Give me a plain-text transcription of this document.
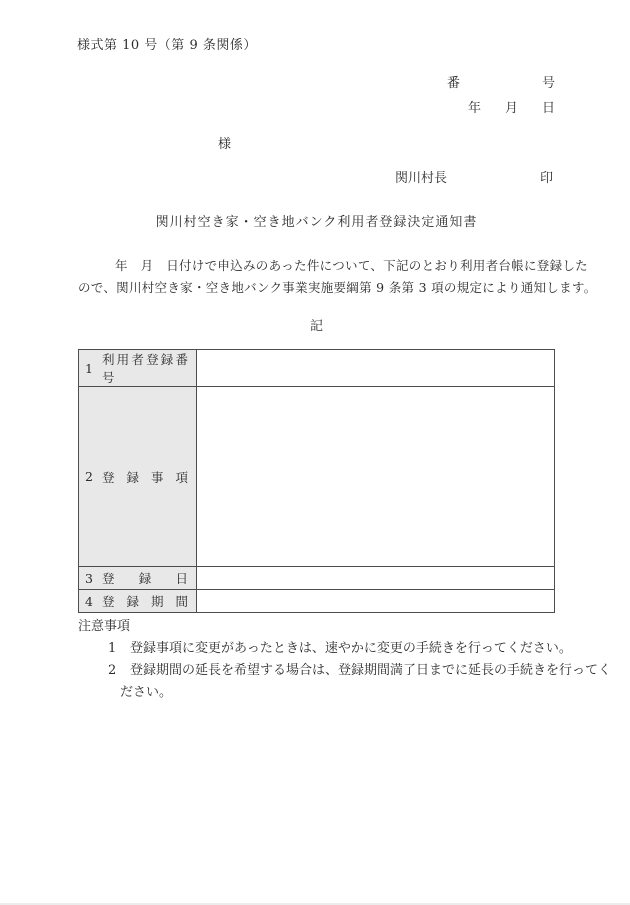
様式第 10 号（第 9 条関係）
番	号
年 月 日
様
関川村長	印
関川村空き家・空き地バンク利用者登録決定通知書
年　月　日付けで申込みのあった件について、下記のとおり利用者台帳に登録した
ので、関川村空き家・空き地バンク事業実施要綱第 9 条第 3 項の規定により通知します。
記
1
利用者登録番号	

2 登録事項	

3 登録日	

4 登録期間	

注意事項
1 登録事項に変更があったときは、速やかに変更の手続きを行ってください。
2 登録期間の延長を希望する場合は、登録期間満了日までに延長の手続きを行ってく
ださい。
